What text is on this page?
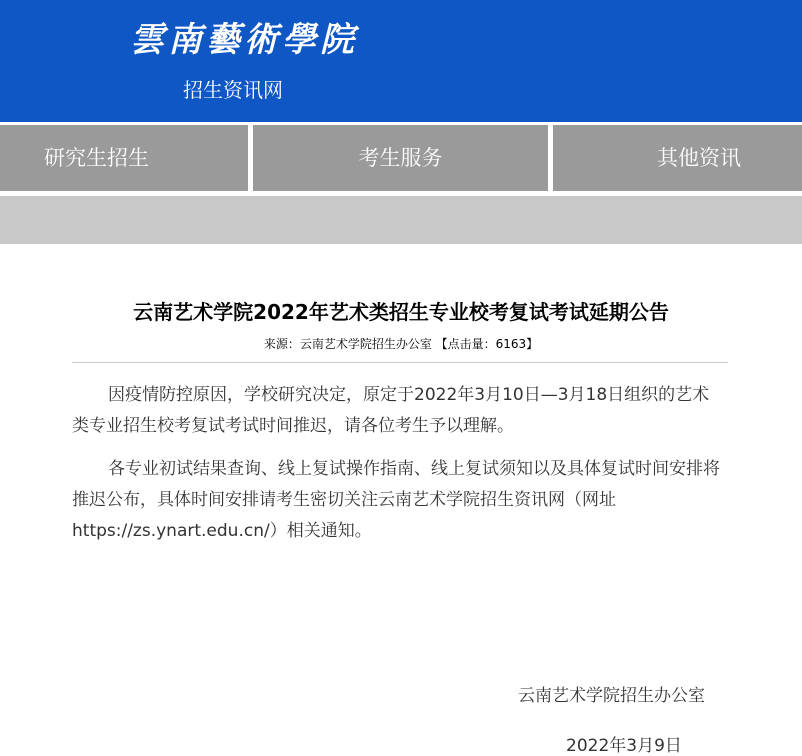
雲南藝術學院
招生资讯网
研究生招生	考生服务	其他资讯
云南艺术学院2022年艺术类招生专业校考复试考试延期公告
来源：云南艺术学院招生办公室 【点击量：6163】

因疫情防控原因，学校研究决定，原定于2022年3月10日—3月18日组织的艺术类专业招生校考复试考试时间推迟，请各位考生予以理解。

各专业初试结果查询、线上复试操作指南、线上复试须知以及具体复试时间安排将推迟公布，具体时间安排请考生密切关注云南艺术学院招生资讯网（网址https://zs.ynart.edu.cn/）相关通知。

云南艺术学院招生办公室
2022年3月9日
